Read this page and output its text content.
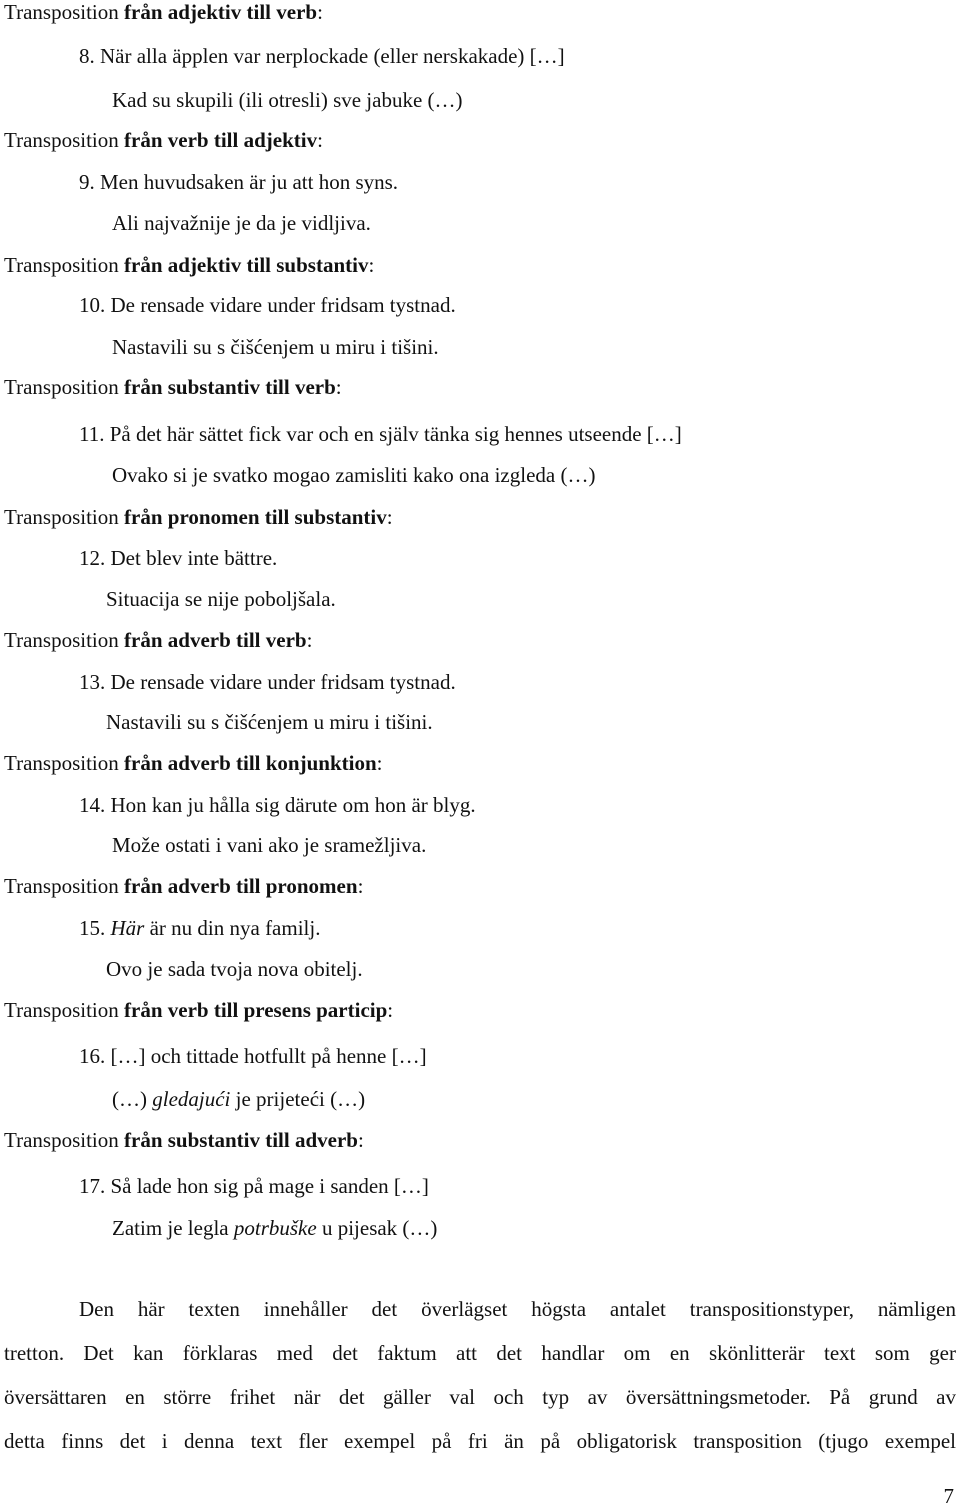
Transposition från adjektiv till verb:
8. När alla äpplen var nerplockade (eller nerskakade) […]
Kad su skupili (ili otresli) sve jabuke (…)
Transposition från verb till adjektiv:
9. Men huvudsaken är ju att hon syns.
Ali najvažnije je da je vidljiva.
Transposition från adjektiv till substantiv:
10. De rensade vidare under fridsam tystnad.
Nastavili su s čišćenjem u miru i tišini.
Transposition från substantiv till verb:
11. På det här sättet fick var och en själv tänka sig hennes utseende […]
Ovako si je svatko mogao zamisliti kako ona izgleda (…)
Transposition från pronomen till substantiv:
12. Det blev inte bättre.
Situacija se nije poboljšala.
Transposition från adverb till verb:
13. De rensade vidare under fridsam tystnad.
Nastavili su s čišćenjem u miru i tišini.
Transposition från adverb till konjunktion:
14. Hon kan ju hålla sig därute om hon är blyg.
Može ostati i vani ako je sramežljiva.
Transposition från adverb till pronomen:
15. Här är nu din nya familj.
Ovo je sada tvoja nova obitelj.
Transposition från verb till presens particip:
16. […] och tittade hotfullt på henne […]
(…) gledajući je prijeteći (…)
Transposition från substantiv till adverb:
17. Så lade hon sig på mage i sanden […]
Zatim je legla potrbuške u pijesak (…)
Den här texten innehåller det överlägset högsta antalet transpositionstyper, nämligen
tretton. Det kan förklaras med det faktum att det handlar om en skönlitterär text som ger
översättaren en större frihet när det gäller val och typ av översättningsmetoder. På grund av
detta finns det i denna text fler exempel på fri än på obligatorisk transposition (tjugo exempel
7
